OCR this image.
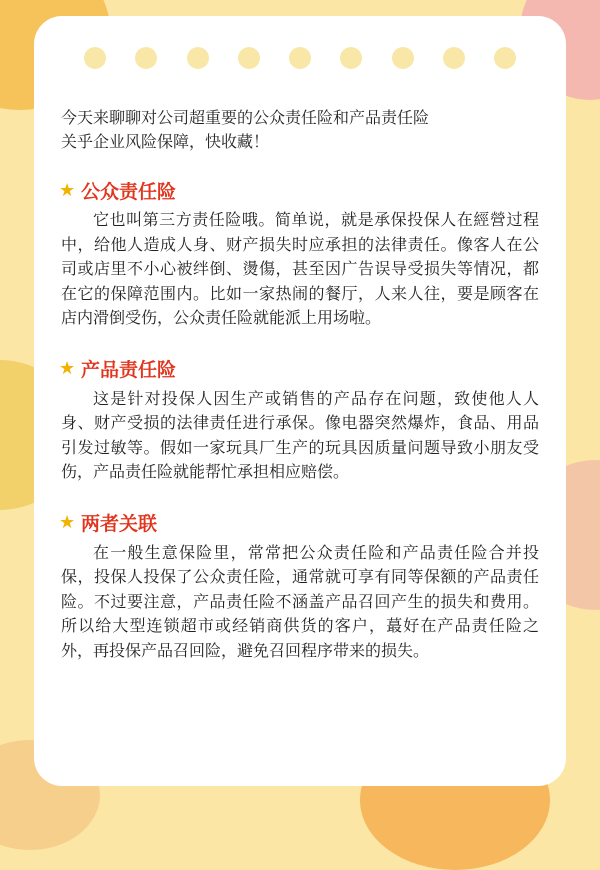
今天来聊聊对公司超重要的公众责任险和产品责任险
关乎企业风险保障，快收藏！
★ 公众责任险

它也叫第三方责任险哦。简单说，就是承保投保人在經營过程中，给他人造成人身、财产损失时应承担的法律责任。像客人在公司或店里不小心被绊倒、燙傷，甚至因广告误导受损失等情况，都在它的保障范围内。比如一家热闹的餐厅，人来人往，要是顾客在店内滑倒受伤，公众责任险就能派上用场啦。

★ 产品责任险

这是针对投保人因生产或销售的产品存在问题，致使他人人身、财产受损的法律责任进行承保。像电器突然爆炸，食品、用品引发过敏等。假如一家玩具厂生产的玩具因质量问题导致小朋友受伤，产品责任险就能帮忙承担相应赔偿。

★ 两者关联

在一般生意保险里，常常把公众责任险和产品责任险合并投保，投保人投保了公众责任险，通常就可享有同等保额的产品责任险。不过要注意，产品责任险不涵盖产品召回产生的损失和费用。所以给大型连锁超市或经销商供货的客户，蕞好在产品责任险之外，再投保产品召回险，避免召回程序带来的损失。
